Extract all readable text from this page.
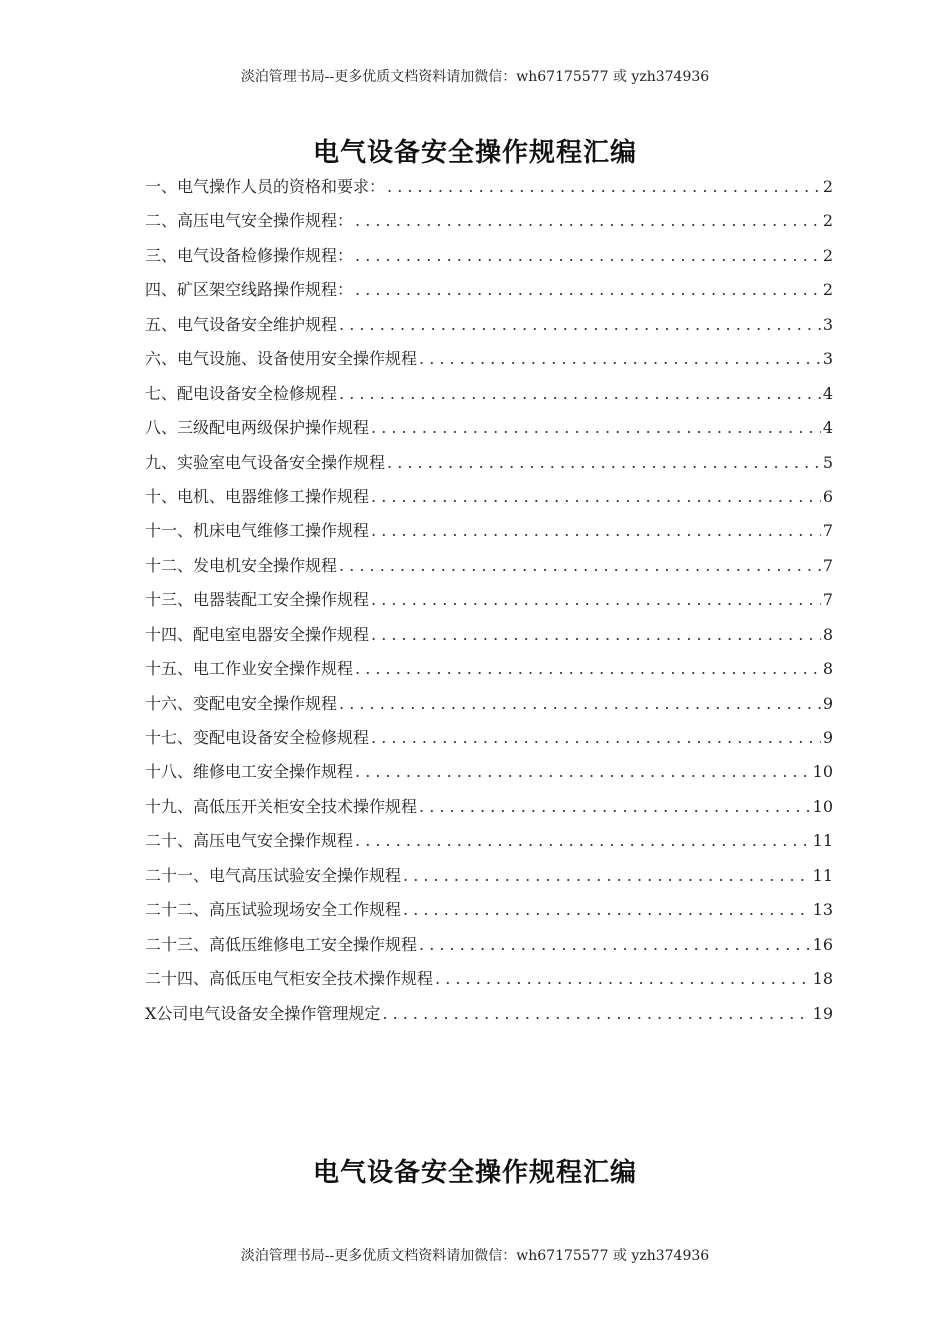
淡泊管理书局--更多优质文档资料请加微信：wh67175577 或 yzh374936
电气设备安全操作规程汇编
一、电气操作人员的资格和要求： . . .	2
二、高压电气安全操作规程： . . .	2
三、电气设备检修操作规程： . . .	2
四、矿区架空线路操作规程： . . .	2
五、电气设备安全维护规程 . . .	3
六、电气设施、设备使用安全操作规程 . . .	3
七、配电设备安全检修规程 . . .	4
八、三级配电两级保护操作规程 . . .	4
九、实验室电气设备安全操作规程 . . .	5
十、电机、电器维修工操作规程 . . .	6
十一、机床电气维修工操作规程 . . .	7
十二、发电机安全操作规程 . . .	7
十三、电器装配工安全操作规程 . . .	7
十四、配电室电器安全操作规程 . . .	8
十五、电工作业安全操作规程 . . .	8
十六、变配电安全操作规程 . . .	9
十七、变配电设备安全检修规程 . . .	9
十八、维修电工安全操作规程 . . .	10
十九、高低压开关柜安全技术操作规程 . . .	10
二十、高压电气安全操作规程 . . .	11
二十一、电气高压试验安全操作规程 . . .	11
二十二、高压试验现场安全工作规程 . . .	13
二十三、高低压维修电工安全操作规程 . . .	16
二十四、高低压电气柜安全技术操作规程 . . .	18
X公司电气设备安全操作管理规定 . . .	19
电气设备安全操作规程汇编
淡泊管理书局--更多优质文档资料请加微信：wh67175577 或 yzh374936
